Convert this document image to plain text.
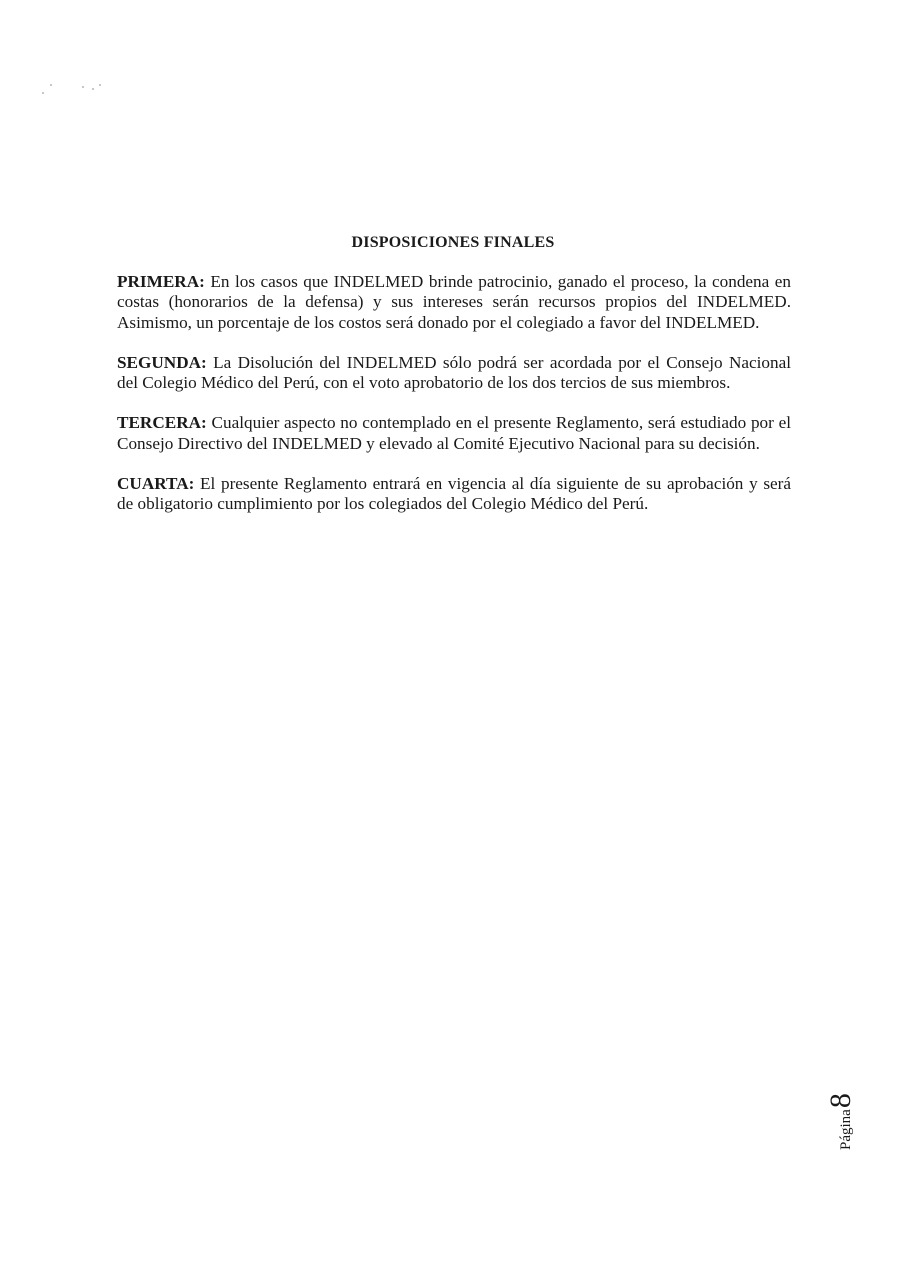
DISPOSICIONES FINALES

PRIMERA: En los casos que INDELMED brinde patrocinio, ganado el proceso, la condena en costas (honorarios de la defensa) y sus intereses serán recursos propios del INDELMED. Asimismo, un porcentaje de los costos será donado por el colegiado a favor del INDELMED.

SEGUNDA: La Disolución del INDELMED sólo podrá ser acordada por el Consejo Nacional del Colegio Médico del Perú, con el voto aprobatorio de los dos tercios de sus miembros.

TERCERA: Cualquier aspecto no contemplado en el presente Reglamento, será estudiado por el Consejo Directivo del INDELMED y elevado al Comité Ejecutivo Nacional para su decisión.

CUARTA: El presente Reglamento entrará en vigencia al día siguiente de su aprobación y será de obligatorio cumplimiento por los colegiados del Colegio Médico del Perú.

Página
8
